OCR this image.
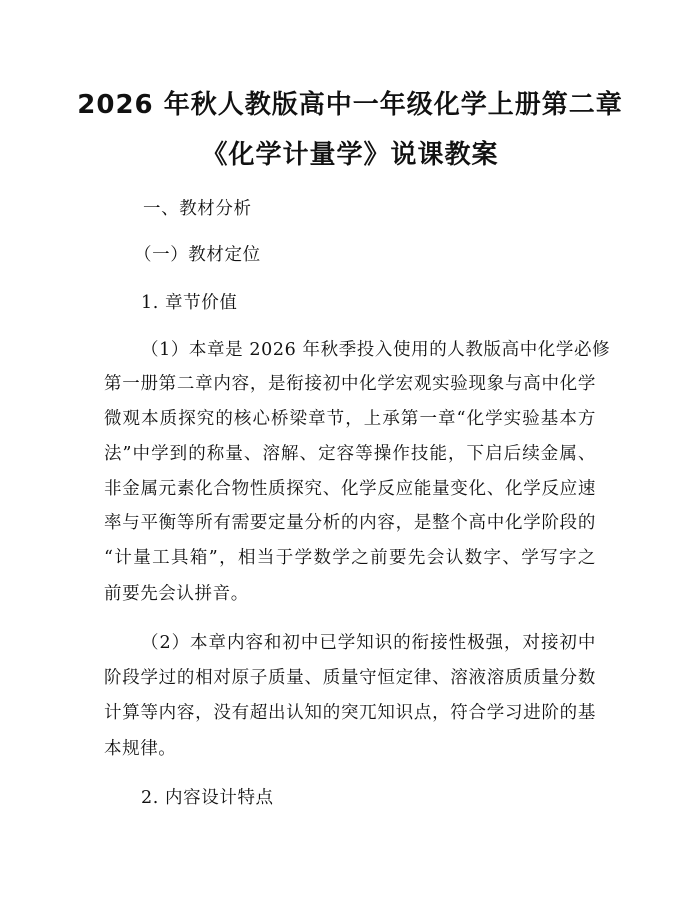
2026 年秋人教版高中一年级化学上册第二章
《化学计量学》说课教案
一、教材分析
（一）教材定位
1. 章节价值
（1）本章是 2026 年秋季投入使用的人教版高中化学必修
第一册第二章内容，是衔接初中化学宏观实验现象与高中化学
微观本质探究的核心桥梁章节，上承第一章“化学实验基本方
法”中学到的称量、溶解、定容等操作技能，下启后续金属、
非金属元素化合物性质探究、化学反应能量变化、化学反应速
率与平衡等所有需要定量分析的内容，是整个高中化学阶段的
“计量工具箱”，相当于学数学之前要先会认数字、学写字之
前要先会认拼音。
（2）本章内容和初中已学知识的衔接性极强，对接初中
阶段学过的相对原子质量、质量守恒定律、溶液溶质质量分数
计算等内容，没有超出认知的突兀知识点，符合学习进阶的基
本规律。
2. 内容设计特点
